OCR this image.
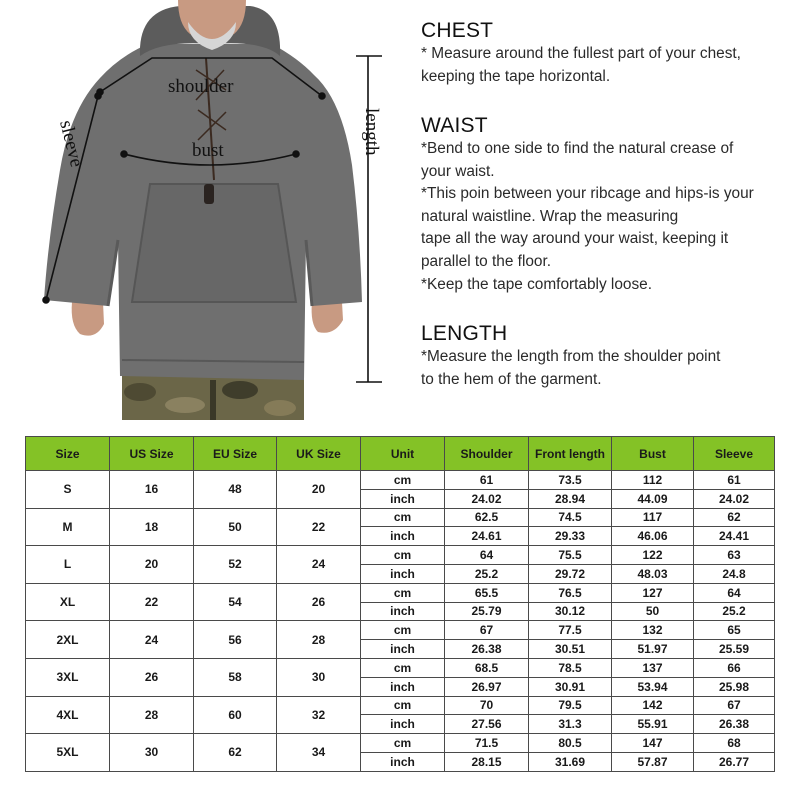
shoulder
bust
sleeve	length
CHEST

* Measure around the fullest part of your chest,

keeping the tape horizontal.

WAIST

*Bend to one side to find the natural crease of

your waist.

*This poin between your ribcage and hips-is your

natural waistline. Wrap the measuring

tape all the way around your waist, keeping it

parallel to the floor.

*Keep the tape comfortably loose.

LENGTH

*Measure the length from the shoulder point

to the hem of the garment.

Size	US Size	EU Size	UK Size	Unit	Shoulder	Front length	Bust	Sleeve
S	16	48	20	cm	61	73.5	112	61
				inch	24.02	28.94	44.09	24.02
M	18	50	22	cm	62.5	74.5	117	62
				inch	24.61	29.33	46.06	24.41
L	20	52	24	cm	64	75.5	122	63
				inch	25.2	29.72	48.03	24.8
XL	22	54	26	cm	65.5	76.5	127	64
				inch	25.79	30.12	50	25.2
2XL	24	56	28	cm	67	77.5	132	65
				inch	26.38	30.51	51.97	25.59
3XL	26	58	30	cm	68.5	78.5	137	66
				inch	26.97	30.91	53.94	25.98
4XL	28	60	32	cm	70	79.5	142	67
				inch	27.56	31.3	55.91	26.38
5XL	30	62	34	cm	71.5	80.5	147	68
				inch	28.15	31.69	57.87	26.77
